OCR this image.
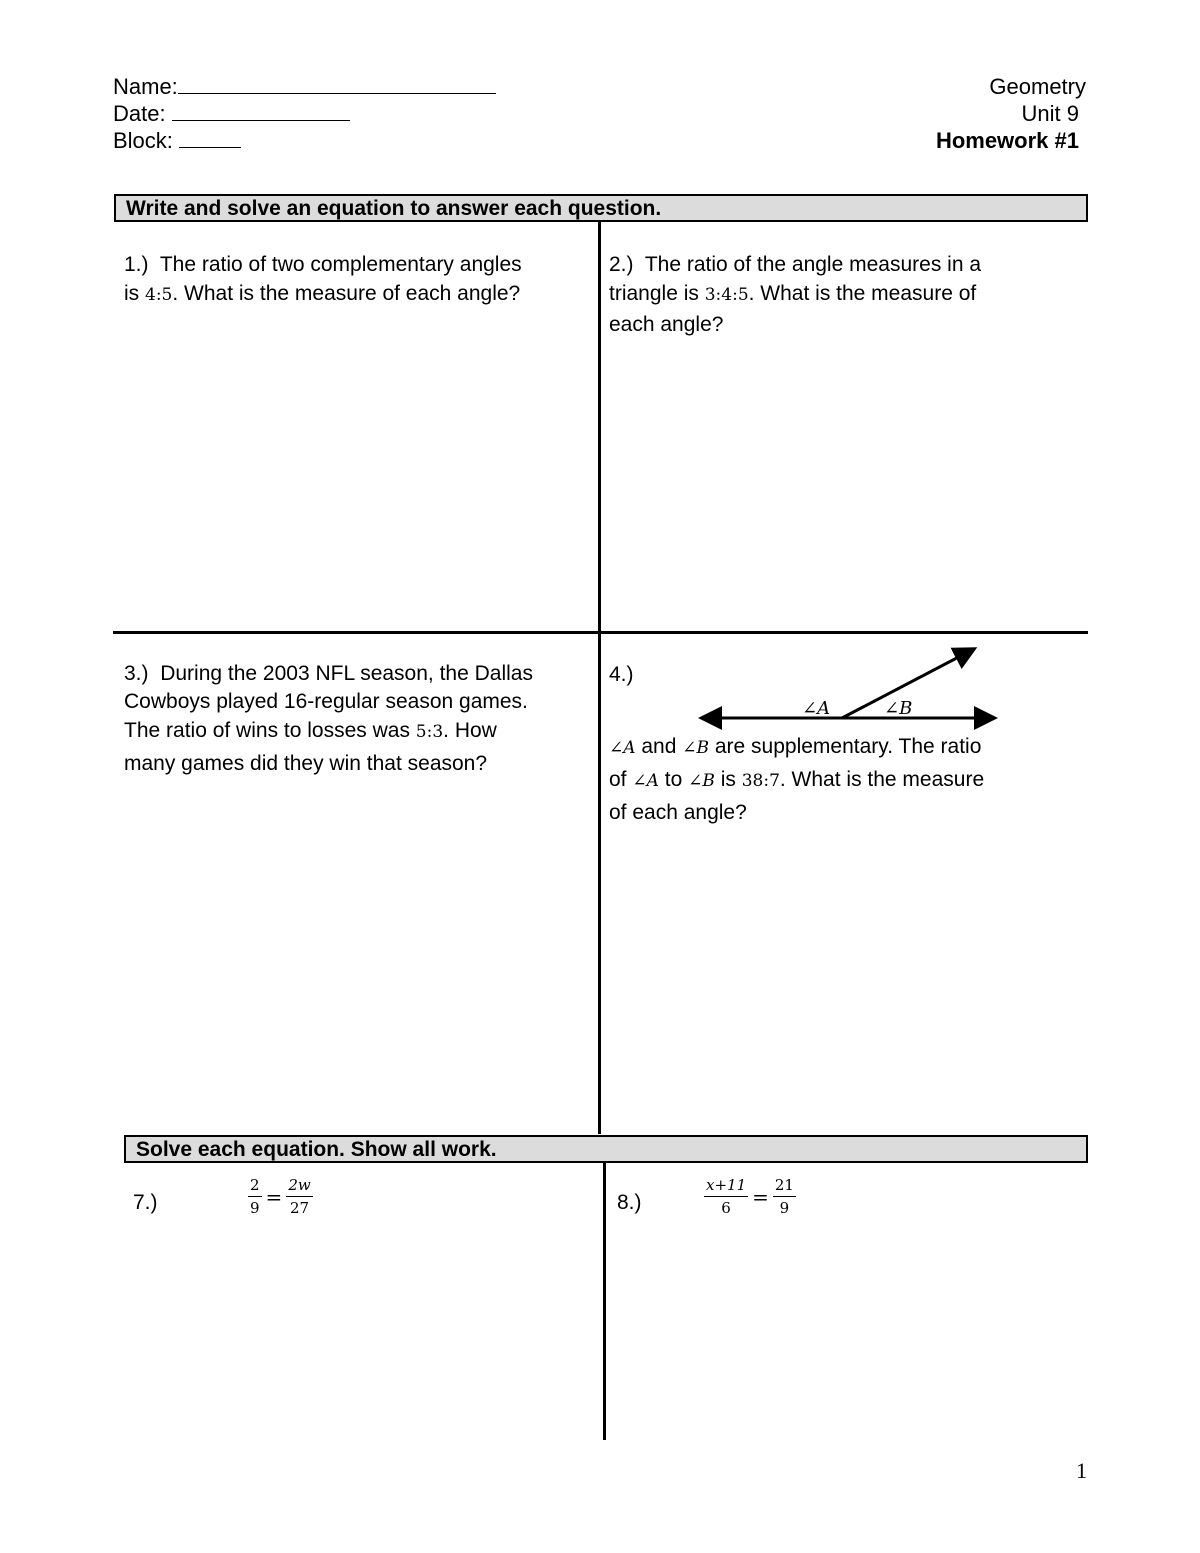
Name:
Date:
Block:
Geometry
Unit 9
Homework #1
Write and solve an equation to answer each question.
1.) The ratio of two complementary angles
is 4:5. What is the measure of each angle?
2.) The ratio of the angle measures in a
triangle is 3:4:5. What is the measure of
each angle?
3.) During the 2003 NFL season, the Dallas
Cowboys played 16-regular season games.
The ratio of wins to losses was 5:3. How
many games did they win that season?
4.)
∠A	∠B
∠A and ∠B are supplementary. The ratio
of ∠A to ∠B is 38:7. What is the measure
of each angle?
Solve each equation. Show all work.
7.)	$\frac{2}{9} = \frac{2w}{27}$	8.)	$\frac{x+11}{6} = \frac{21}{9}$
1
